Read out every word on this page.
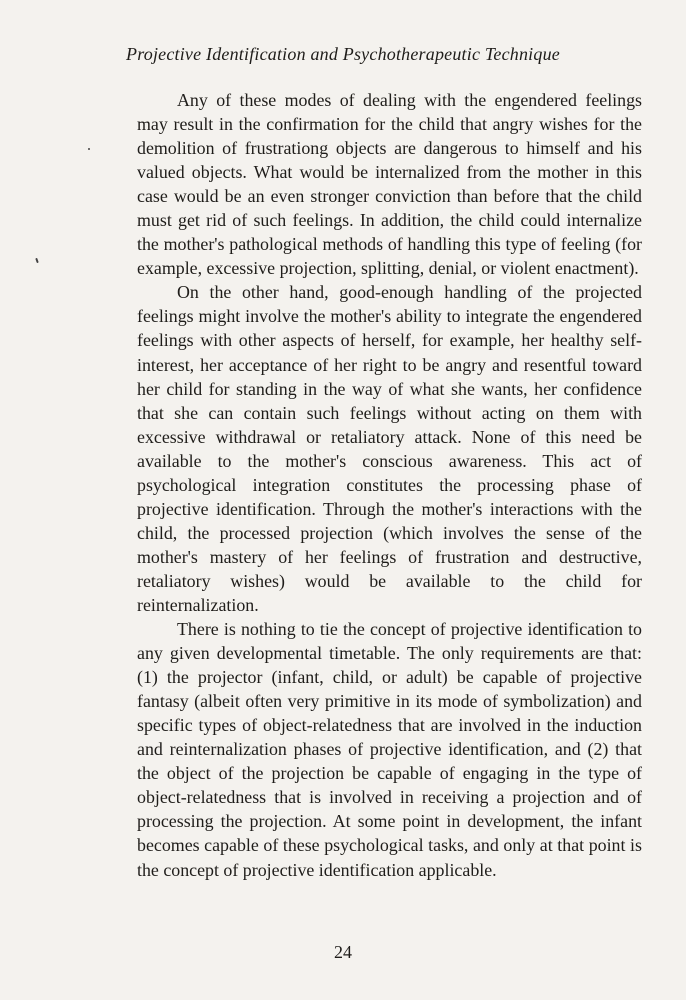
Projective Identification and Psychotherapeutic Technique

Any of these modes of dealing with the engendered feelings may result in the confirmation for the child that angry wishes for the demolition of frustrationg objects are dangerous to himself and his valued objects. What would be internalized from the mother in this case would be an even stronger conviction than before that the child must get rid of such feelings. In addition, the child could internalize the mother's pathological methods of handling this type of feeling (for example, excessive projection, splitting, denial, or violent enactment).

On the other hand, good-enough handling of the projected feelings might involve the mother's ability to integrate the engendered feelings with other aspects of herself, for example, her healthy self-interest, her acceptance of her right to be angry and resentful toward her child for standing in the way of what she wants, her confidence that she can contain such feelings without acting on them with excessive withdrawal or retaliatory attack. None of this need be available to the mother's conscious awareness. This act of psychological integration constitutes the processing phase of projective identification. Through the mother's interactions with the child, the processed projection (which involves the sense of the mother's mastery of her feelings of frustration and destructive, retaliatory wishes) would be available to the child for reinternalization.

There is nothing to tie the concept of projective identification to any given developmental timetable. The only requirements are that: (1) the projector (infant, child, or adult) be capable of projective fantasy (albeit often very primitive in its mode of symbolization) and specific types of object-relatedness that are involved in the induction and reinternalization phases of projective identification, and (2) that the object of the projection be capable of engaging in the type of object-relatedness that is involved in receiving a projection and of processing the projection. At some point in development, the infant becomes capable of these psychological tasks, and only at that point is the concept of projective identification applicable.

24
